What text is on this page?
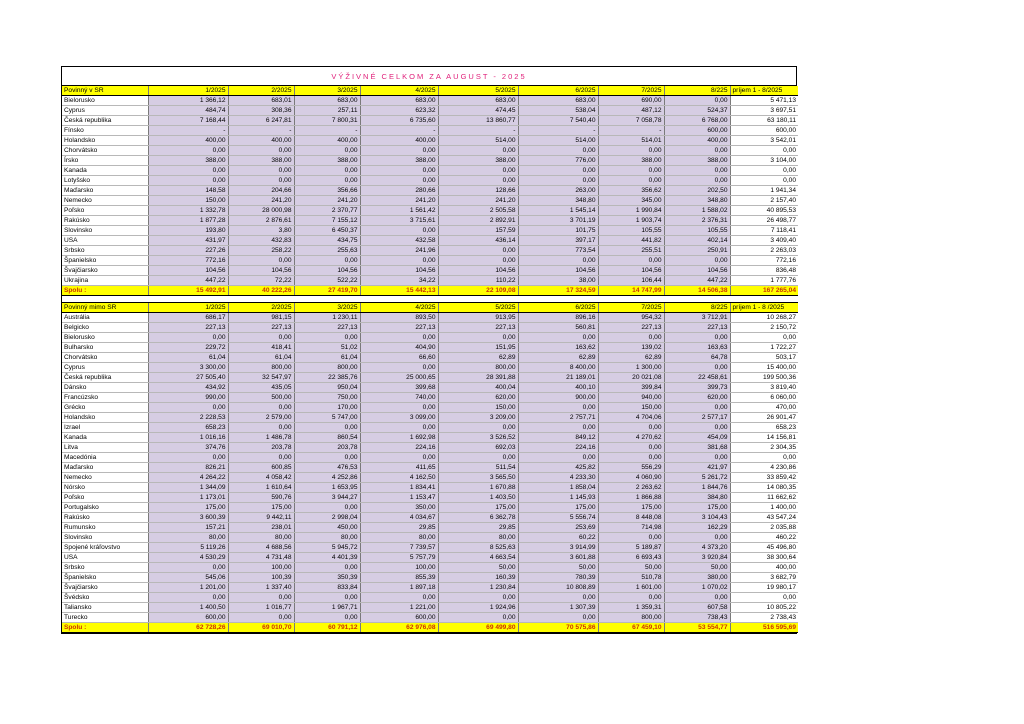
VÝŽIVNÉ CELKOM ZA AUGUST - 2025
Povinný v SR	1/2025	2/2025	3/2025	4/2025	5/2025	6/2025	7/2025	8/225	príjem 1 - 8/2025
Bielorusko	1 366,12	683,01	683,00	683,00	683,00	683,00	690,00	0,00	5 471,13
Cyprus	484,74	308,36	257,11	623,32	474,45	538,04	487,12	524,37	3 697,51
Česká republika	7 168,44	6 247,81	7 800,31	6 735,60	13 860,77	7 540,40	7 058,78	6 768,00	63 180,11
Fínsko	-	-	-	-	-	-	-	600,00	600,00
Holandsko	400,00	400,00	400,00	400,00	514,00	514,00	514,01	400,00	3 542,01
Chorvátsko	0,00	0,00	0,00	0,00	0,00	0,00	0,00	0,00	0,00
Írsko	388,00	388,00	388,00	388,00	388,00	776,00	388,00	388,00	3 104,00
Kanada	0,00	0,00	0,00	0,00	0,00	0,00	0,00	0,00	0,00
Lotyšsko	0,00	0,00	0,00	0,00	0,00	0,00	0,00	0,00	0,00
Maďarsko	148,58	204,66	356,66	280,66	128,66	263,00	356,62	202,50	1 941,34
Nemecko	150,00	241,20	241,20	241,20	241,20	348,80	345,00	348,80	2 157,40
Poľsko	1 332,78	28 000,98	2 370,77	1 561,42	2 505,58	1 545,14	1 990,84	1 588,02	40 895,53
Rakúsko	1 877,28	2 876,61	7 155,12	3 715,61	2 892,91	3 701,19	1 903,74	2 376,31	26 498,77
Slovinsko	193,80	3,80	6 450,37	0,00	157,59	101,75	105,55	105,55	7 118,41
USA	431,97	432,83	434,75	432,58	436,14	397,17	441,82	402,14	3 409,40
Srbsko	227,26	258,22	255,63	241,96	0,00	773,54	255,51	250,91	2 263,03
Španielsko	772,16	0,00	0,00	0,00	0,00	0,00	0,00	0,00	772,16
Švajčiarsko	104,56	104,56	104,56	104,56	104,56	104,56	104,56	104,56	836,48
Ukrajina	447,22	72,22	522,22	34,22	110,22	38,00	106,44	447,22	1 777,76
Spolu :	15 492,91	40 222,26	27 419,70	15 442,13	22 109,08	17 324,59	14 747,99	14 506,38	167 265,04

Povinný mimo SR	1/2025	2/2025	3/2025	4/2025	5/2025	6/2025	7/2025	8/225	príjem 1 - 8 /2025
Austrália	686,17	981,15	1 230,11	893,50	913,95	896,16	954,32	3 712,91	10 268,27
Belgicko	227,13	227,13	227,13	227,13	227,13	560,81	227,13	227,13	2 150,72
Bielorusko	0,00	0,00	0,00	0,00	0,00	0,00	0,00	0,00	0,00
Bulharsko	229,72	418,41	51,02	404,90	151,95	163,62	139,02	163,63	1 722,27
Chorvátsko	61,04	61,04	61,04	66,60	62,89	62,89	62,89	64,78	503,17
Cyprus	3 300,00	800,00	800,00	0,00	800,00	8 400,00	1 300,00	0,00	15 400,00
Česká republika	27 505,40	32 547,97	22 385,76	25 000,65	28 391,88	21 189,01	20 021,08	22 458,61	199 500,36
Dánsko	434,92	435,05	950,04	399,68	400,04	400,10	399,84	399,73	3 819,40
Francúzsko	990,00	500,00	750,00	740,00	620,00	900,00	940,00	620,00	6 060,00
Grécko	0,00	0,00	170,00	0,00	150,00	0,00	150,00	0,00	470,00
Holandsko	2 228,53	2 579,00	5 747,00	3 099,00	3 209,00	2 757,71	4 704,06	2 577,17	26 901,47
Izrael	658,23	0,00	0,00	0,00	0,00	0,00	0,00	0,00	658,23
Kanada	1 016,16	1 486,78	860,54	1 692,98	3 526,52	849,12	4 270,62	454,09	14 156,81
Litva	374,76	203,78	203,78	224,16	692,03	224,16	0,00	381,68	2 304,35
Macedónia	0,00	0,00	0,00	0,00	0,00	0,00	0,00	0,00	0,00
Maďarsko	826,21	600,85	476,53	411,65	511,54	425,82	556,29	421,97	4 230,86
Nemecko	4 264,22	4 058,42	4 252,86	4 162,50	3 565,50	4 233,30	4 060,90	5 261,72	33 859,42
Nórsko	1 344,09	1 610,64	1 653,95	1 834,41	1 670,88	1 858,04	2 263,62	1 844,76	14 080,35
Poľsko	1 173,01	590,76	3 944,27	1 153,47	1 403,50	1 145,93	1 866,88	384,80	11 662,62
Portugalsko	175,00	175,00	0,00	350,00	175,00	175,00	175,00	175,00	1 400,00
Rakúsko	3 600,39	9 442,11	2 998,04	4 034,67	6 362,78	5 556,74	8 448,08	3 104,43	43 547,24
Rumunsko	157,21	238,01	450,00	29,85	29,85	253,69	714,98	162,29	2 035,88
Slovinsko	80,00	80,00	80,00	80,00	80,00	60,22	0,00	0,00	460,22
Spojené kráľovstvo	5 119,26	4 688,56	5 945,72	7 739,57	8 525,63	3 914,99	5 189,87	4 373,20	45 496,80
USA	4 530,29	4 731,48	4 401,39	5 757,79	4 663,54	3 601,88	6 693,43	3 920,84	38 300,64
Srbsko	0,00	100,00	0,00	100,00	50,00	50,00	50,00	50,00	400,00
Španielsko	545,06	100,39	350,39	855,39	160,39	780,39	510,78	380,00	3 682,79
Švajčiarsko	1 201,00	1 337,40	833,84	1 897,18	1 230,84	10 808,89	1 601,00	1 070,02	19 980,17
Švédsko	0,00	0,00	0,00	0,00	0,00	0,00	0,00	0,00	0,00
Taliansko	1 400,50	1 016,77	1 967,71	1 221,00	1 924,96	1 307,39	1 359,31	607,58	10 805,22
Turecko	600,00	0,00	0,00	600,00	0,00	0,00	800,00	738,43	2 738,43
Spolu :	62 728,26	69 010,70	60 791,12	62 976,08	69 499,80	70 575,86	67 459,10	53 554,77	516 595,69
